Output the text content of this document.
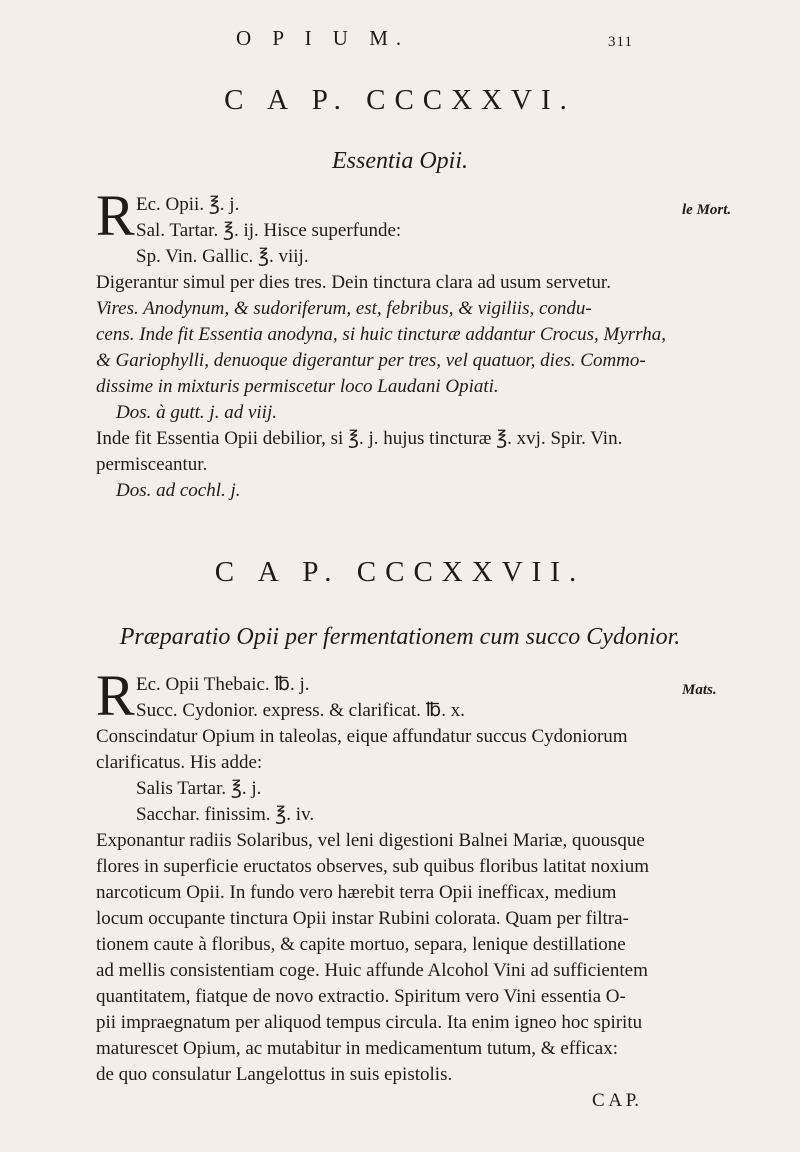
O P I U M.	311
C A P. CCCXXVI.
Essentia Opii.
R	le Mort.
Ec. Opii. ℥. j.
Sal. Tartar. ℥. ij. Hisce superfunde:
Sp. Vin. Gallic. ℥. viij.
Digerantur simul per dies tres. Dein tinctura clara ad usum servetur.
Vires. Anodynum, & sudoriferum, est, febribus, & vigiliis, condu-
cens. Inde fit Essentia anodyna, si huic tincturæ addantur Crocus, Myrrha,
& Gariophylli, denuoque digerantur per tres, vel quatuor, dies. Commo-
dissime in mixturis permiscetur loco Laudani Opiati.
Dos. à gutt. j. ad viij.
Inde fit Essentia Opii debilior, si ℥. j. hujus tincturæ ℥. xvj. Spir. Vin.
permisceantur.
Dos. ad cochl. j.
C A P. CCCXXVII.
Præparatio Opii per fermentationem cum succo Cydonior.
R	Mats.
Ec. Opii Thebaic. ℔. j.
Succ. Cydonior. express. & clarificat. ℔. x.
Conscindatur Opium in taleolas, eique affundatur succus Cydoniorum
clarificatus. His adde:
Salis Tartar. ℥. j.
Sacchar. finissim. ℥. iv.
Exponantur radiis Solaribus, vel leni digestioni Balnei Mariæ, quousque
flores in superficie eructatos observes, sub quibus floribus latitat noxium
narcoticum Opii. In fundo vero hærebit terra Opii inefficax, medium
locum occupante tinctura Opii instar Rubini colorata. Quam per filtra-
tionem caute à floribus, & capite mortuo, separa, lenique destillatione
ad mellis consistentiam coge. Huic affunde Alcohol Vini ad sufficientem
quantitatem, fiatque de novo extractio. Spiritum vero Vini essentia O-
pii impraegnatum per aliquod tempus circula. Ita enim igneo hoc spiritu
maturescet Opium, ac mutabitur in medicamentum tutum, & efficax:
de quo consulatur Langelottus in suis epistolis.
C A P.
